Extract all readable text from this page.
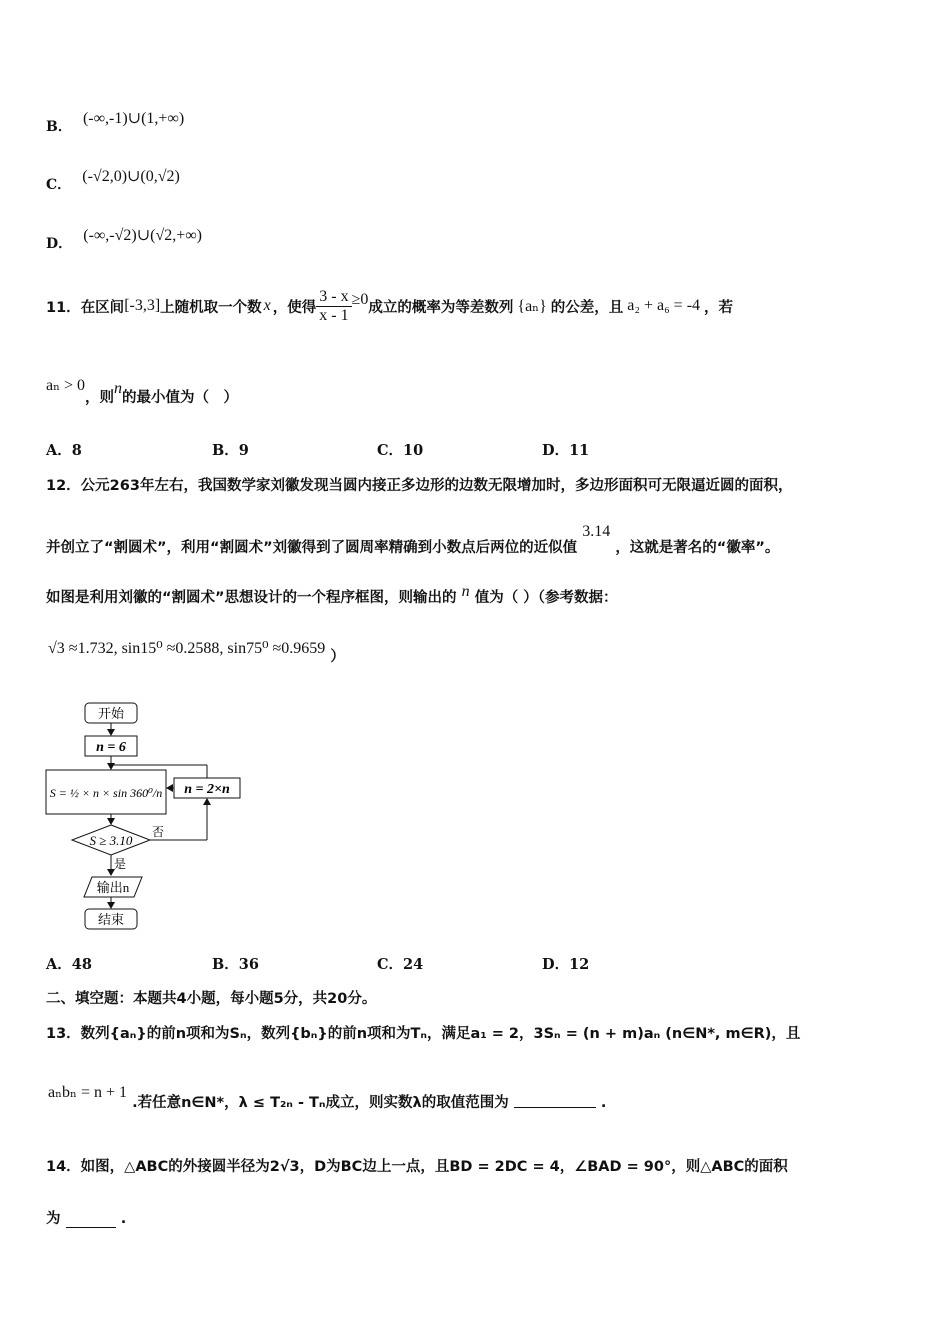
B． (-∞,-1)∪(1,+∞)
C． (-√2,0)∪(0,√2)
D． (-∞,-√2)∪(√2,+∞)
11． 在区间 [-3,3] 上随机取一个数 x ，使得 $\frac{3 - x}{x - 1} \ge 0$ 成立的概率为等差数列 {aₙ} 的公差，且 a₂ + a₆ = -4 ，若
aₙ > 0
，则
n
的最小值为（　）
A．8	B．9	C．10	D．11
12．公元263年左右，我国数学家刘徽发现当圆内接正多边形的边数无限增加时，多边形面积可无限逼近圆的面积，
并创立了“割圆术”，利用“割圆术”刘徽得到了圆周率精确到小数点后两位的近似值 3.14 ，这就是著名的“徽率”。
如图是利用刘徽的“割圆术”思想设计的一个程序框图，则输出的 n 值为（ ）（参考数据：
√3 ≈1.732, sin15⁰ ≈0.2588, sin75⁰ ≈0.9659 ）
开始
n = 6
S = ½ × n × sin 360⁰/n n = 2×n
S ≥ 3.10
否
是
输出n
结束
A．48	B．36	C．24	D．12
二、填空题：本题共4小题，每小题5分，共20分。
13．数列{aₙ}的前n项和为Sₙ，数列{bₙ}的前n项和为Tₙ，满足a₁ = 2，3Sₙ = (n + m)aₙ (n∈N*, m∈R)，且
aₙbₙ = n + 1 .若任意n∈N*，λ ≤ T₂ₙ - Tₙ成立，则实数λ的取值范围为	.
14．如图，△ABC的外接圆半径为2√3，D为BC边上一点，且BD = 2DC = 4，∠BAD = 90°，则△ABC的面积
为	.
